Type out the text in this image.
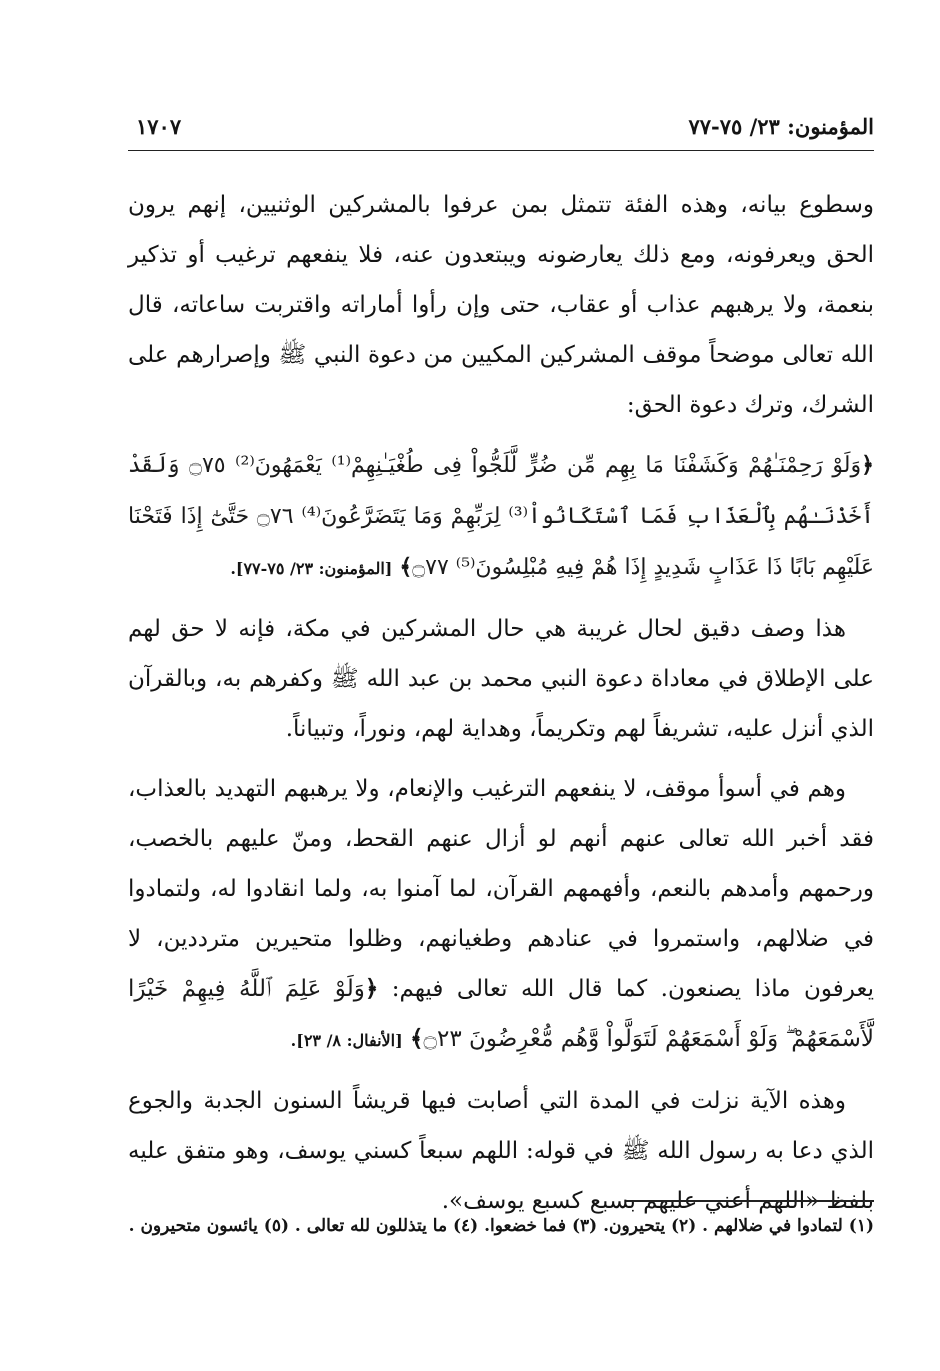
المؤمنون: ٢٣/ ٧٥-٧٧
١٧٠٧

وسطوع بيانه، وهذه الفئة تتمثل بمن عرفوا بالمشركين الوثنيين، إنهم يرون الحق ويعرفونه، ومع ذلك يعارضونه ويبتعدون عنه، فلا ينفعهم ترغيب أو تذكير بنعمة، ولا يرهبهم عذاب أو عقاب، حتى وإن رأوا أماراته واقتربت ساعاته، قال الله تعالى موضحاً موقف المشركين المكيين من دعوة النبي ﷺ وإصرارهم على الشرك، وترك دعوة الحق:

﴿وَلَوْ رَحِمْنَـٰهُمْ وَكَشَفْنَا مَا بِهِم مِّن ضُرٍّ لَّلَجُّواْ فِى طُغْيَـٰنِهِمْ⁽¹⁾ يَعْمَهُونَ⁽²⁾ ۝٧٥ وَلَقَدْ أَخَذْنَـٰهُم بِٱلْعَذَابِ فَمَا ٱسْتَكَانُواْ⁽³⁾ لِرَبِّهِمْ وَمَا يَتَضَرَّعُونَ⁽⁴⁾ ۝٧٦ حَتَّىٰٓ إِذَا فَتَحْنَا عَلَيْهِم بَابًا ذَا عَذَابٍ شَدِيدٍ إِذَا هُمْ فِيهِ مُبْلِسُونَ⁽⁵⁾ ۝٧٧﴾ [المؤمنون: ٢٣/ ٧٥-٧٧].

هذا وصف دقيق لحال غريبة هي حال المشركين في مكة، فإنه لا حق لهم على الإطلاق في معاداة دعوة النبي محمد بن عبد الله ﷺ وكفرهم به، وبالقرآن الذي أنزل عليه، تشريفاً لهم وتكريماً، وهداية لهم، ونوراً، وتبياناً.

وهم في أسوأ موقف، لا ينفعهم الترغيب والإنعام، ولا يرهبهم التهديد بالعذاب، فقد أخبر الله تعالى عنهم أنهم لو أزال عنهم القحط، ومنّ عليهم بالخصب، ورحمهم وأمدهم بالنعم، وأفهمهم القرآن، لما آمنوا به، ولما انقادوا له، ولتمادوا في ضلالهم، واستمروا في عنادهم وطغيانهم، وظلوا متحيرين مترددين، لا يعرفون ماذا يصنعون. كما قال الله تعالى فيهم: ﴿وَلَوْ عَلِمَ ٱللَّهُ فِيهِمْ خَيْرًا لَّأَسْمَعَهُمْ ۖ وَلَوْ أَسْمَعَهُمْ لَتَوَلَّواْ وَّهُم مُّعْرِضُونَ ۝٢٣﴾ [الأنفال: ٨/ ٢٣].

وهذه الآية نزلت في المدة التي أصابت فيها قريشاً السنون الجدبة والجوع الذي دعا به رسول الله ﷺ في قوله: اللهم سبعاً كسني يوسف، وهو متفق عليه بلفظ «اللهم أعني عليهم بسبع كسبع يوسف».

(١) لتمادوا في ضلالهم . (٢) يتحيرون. (٣) فما خضعوا. (٤) ما يتذللون لله تعالى . (٥) يائسون متحيرون .
